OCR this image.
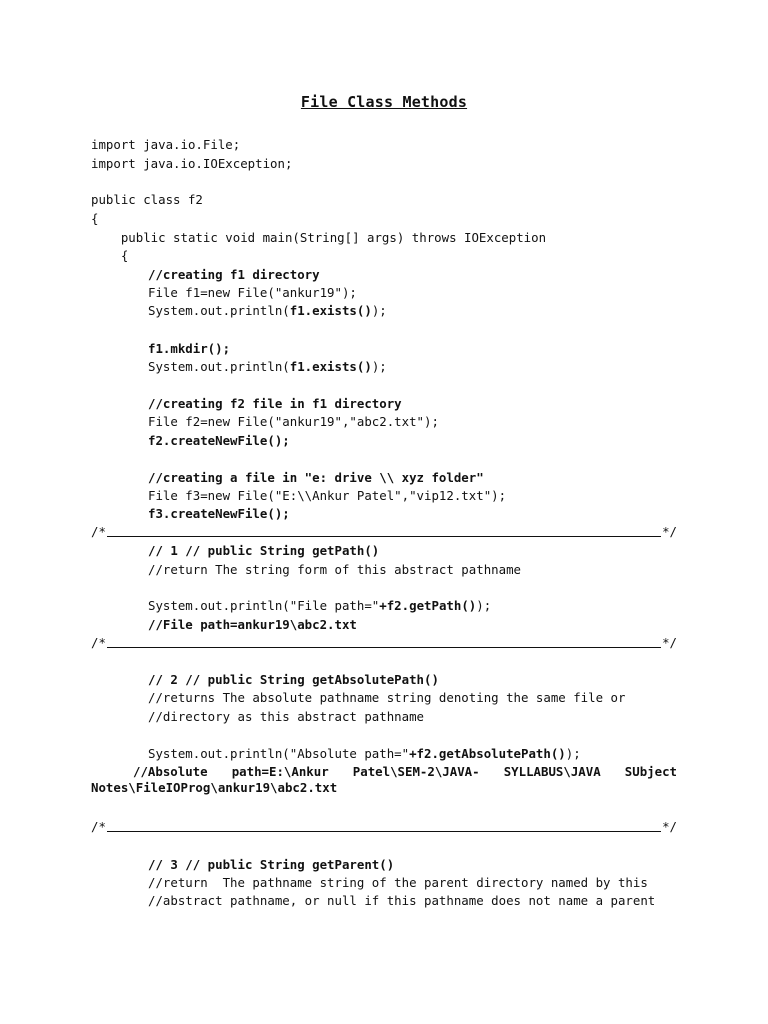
File Class Methods
import java.io.File;
import java.io.IOException;
public class f2
{
public static void main(String[] args) throws IOException
{
//creating f1 directory
File f1=new File("ankur19");
System.out.println(f1.exists());
f1.mkdir();
System.out.println(f1.exists());
//creating f2 file in f1 directory
File f2=new File("ankur19","abc2.txt");
f2.createNewFile();
//creating a file in "e: drive \\ xyz folder"
File f3=new File("E:\\Ankur Patel","vip12.txt");
f3.createNewFile();
/*	*/
// 1 // public String getPath()
//return The string form of this abstract pathname
System.out.println("File path="+f2.getPath());
//File path=ankur19\abc2.txt
/*	*/
// 2 // public String getAbsolutePath()
//returns The absolute pathname string denoting the same file or
//directory as this abstract pathname
System.out.println("Absolute path="+f2.getAbsolutePath());
//Absolute path=E:\Ankur Patel\SEM-2\JAVA- SYLLABUS\JAVA SUbject
Notes\FileIOProg\ankur19\abc2.txt
/*	*/
// 3 // public String getParent()
//return  The pathname string of the parent directory named by this
//abstract pathname, or null if this pathname does not name a parent
